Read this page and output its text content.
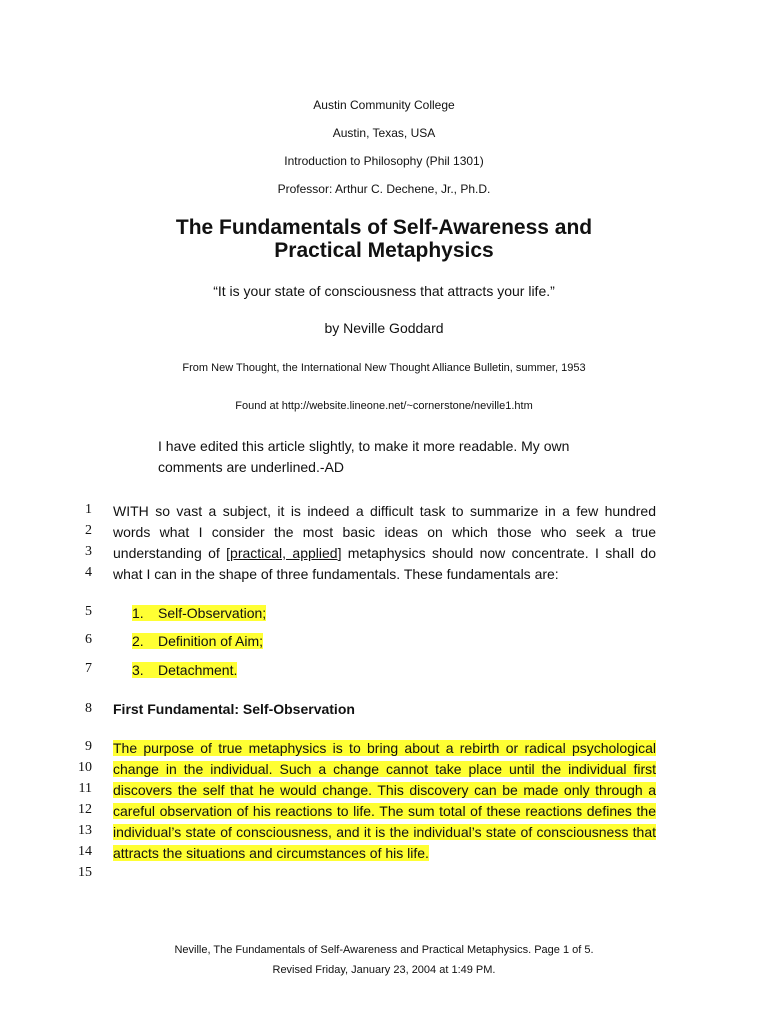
Austin Community College
Austin, Texas, USA
Introduction to Philosophy (Phil 1301)
Professor: Arthur C. Dechene, Jr., Ph.D.
The Fundamentals of Self-Awareness and
Practical Metaphysics
“It is your state of consciousness that attracts your life.”
by Neville Goddard
From New Thought, the International New Thought Alliance Bulletin, summer, 1953
Found at http://website.lineone.net/~cornerstone/neville1.htm
I have edited this article slightly, to make it more readable. My own
comments are underlined.-AD
1
2
3
4
5
6
7
8
9
10
11
12
13
14
15
WITH so vast a subject, it is indeed a difficult task to summarize in a few hundred words what I consider the most basic ideas on which those who seek a true understanding of [practical, applied] metaphysics should now concentrate. I shall do what I can in the shape of three fundamentals. These fundamentals are:
1. Self-Observation;
2. Definition of Aim;
3. Detachment.
First Fundamental: Self-Observation
The purpose of true metaphysics is to bring about a rebirth or radical psychological change in the individual. Such a change cannot take place until the individual first discovers the self that he would change. This discovery can be made only through a careful observation of his reactions to life. The sum total of these reactions defines the individual’s state of consciousness, and it is the individual’s state of consciousness that attracts the situations and circumstances of his life.
Neville, The Fundamentals of Self-Awareness and Practical Metaphysics. Page 1 of 5.
Revised Friday, January 23, 2004 at 1:49 PM.
